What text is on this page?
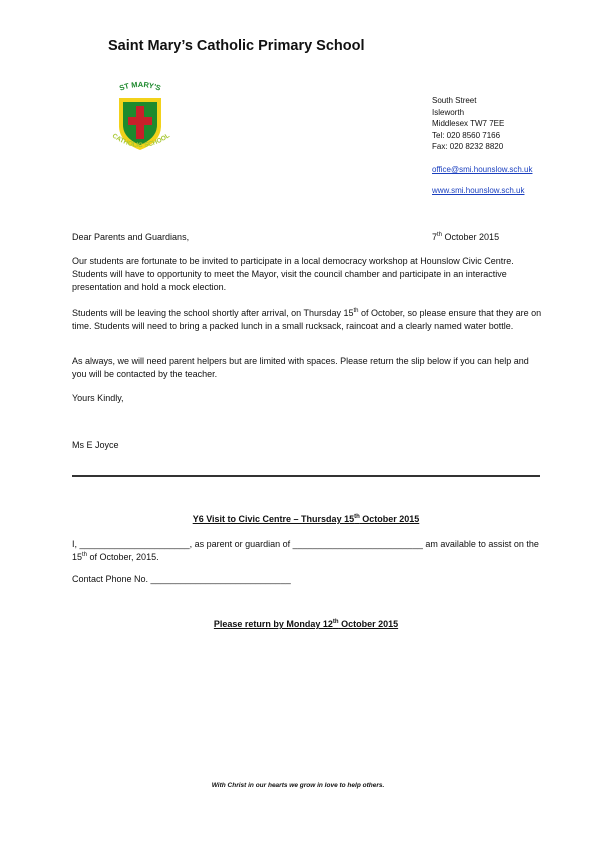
Saint Mary’s Catholic Primary School
ST MARY'S
CATHOLIC SCHOOL
South Street
Isleworth
Middlesex TW7 7EE
Tel: 020 8560 7166
Fax: 020 8232 8820
office@smi.hounslow.sch.uk
www.smi.hounslow.sch.uk
Dear Parents and Guardians,	7th October 2015

Our students are fortunate to be invited to participate in a local democracy workshop at Hounslow Civic Centre. Students will have to opportunity to meet the Mayor, visit the council chamber and participate in an interactive presentation and hold a mock election.

Students will be leaving the school shortly after arrival, on Thursday 15th of October, so please ensure that they are on time. Students will need to bring a packed lunch in a small rucksack, raincoat and a clearly named water bottle.

As always, we will need parent helpers but are limited with spaces. Please return the slip below if you can help and you will be contacted by the teacher.

Yours Kindly,
Ms E Joyce
Y6 Visit to Civic Centre – Thursday 15th October 2015
I, ______________________, as parent or guardian of __________________________ am available to assist on the 15th of October, 2015.
Contact Phone No. ____________________________
Please return by Monday 12th October 2015
With Christ in our hearts we grow in love to help others.
